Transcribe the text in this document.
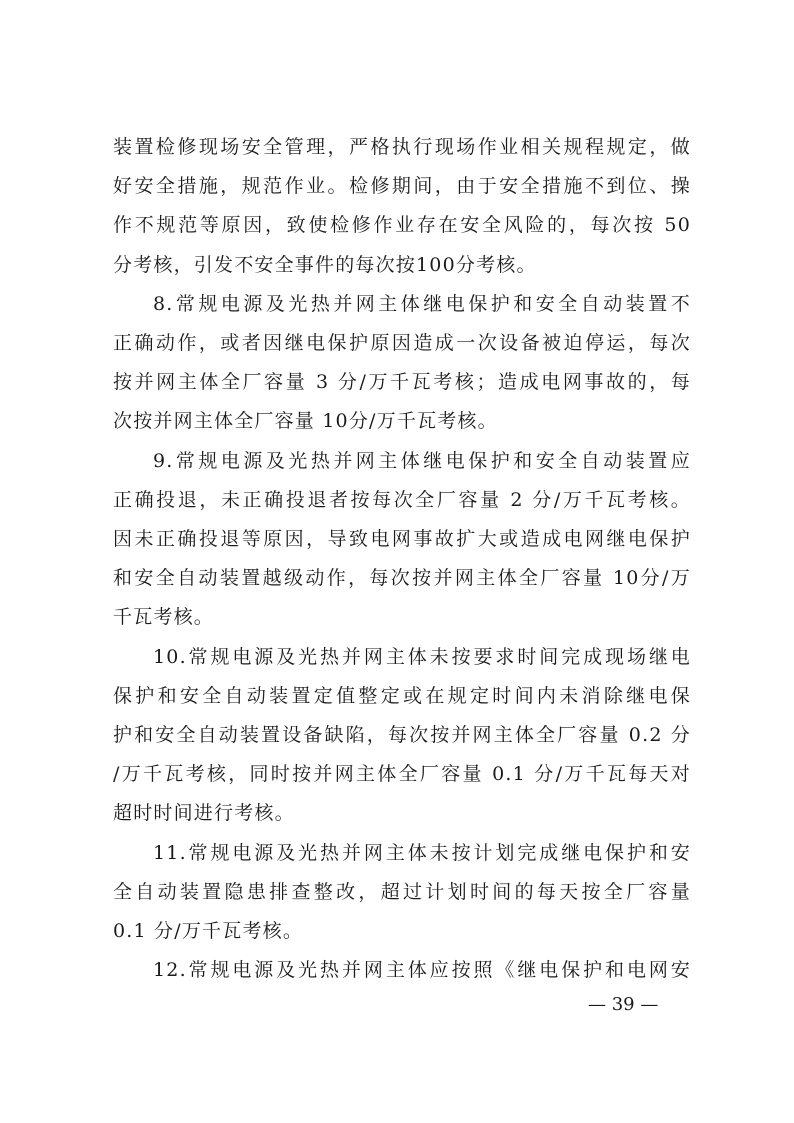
装置检修现场安全管理，严格执行现场作业相关规程规定，做
好安全措施，规范作业。检修期间，由于安全措施不到位、操
作不规范等原因，致使检修作业存在安全风险的，每次按 50
分考核，引发不安全事件的每次按100分考核。

8.常规电源及光热并网主体继电保护和安全自动装置不
正确动作，或者因继电保护原因造成一次设备被迫停运，每次
按并网主体全厂容量 3 分/万千瓦考核；造成电网事故的，每
次按并网主体全厂容量 10分/万千瓦考核。

9.常规电源及光热并网主体继电保护和安全自动装置应
正确投退，未正确投退者按每次全厂容量 2 分/万千瓦考核。
因未正确投退等原因，导致电网事故扩大或造成电网继电保护
和安全自动装置越级动作，每次按并网主体全厂容量 10分/万
千瓦考核。

10.常规电源及光热并网主体未按要求时间完成现场继电
保护和安全自动装置定值整定或在规定时间内未消除继电保
护和安全自动装置设备缺陷，每次按并网主体全厂容量 0.2 分
/万千瓦考核，同时按并网主体全厂容量 0.1 分/万千瓦每天对
超时时间进行考核。

11.常规电源及光热并网主体未按计划完成继电保护和安
全自动装置隐患排查整改，超过计划时间的每天按全厂容量
0.1 分/万千瓦考核。

12.常规电源及光热并网主体应按照《继电保护和电网安

— 39 —
